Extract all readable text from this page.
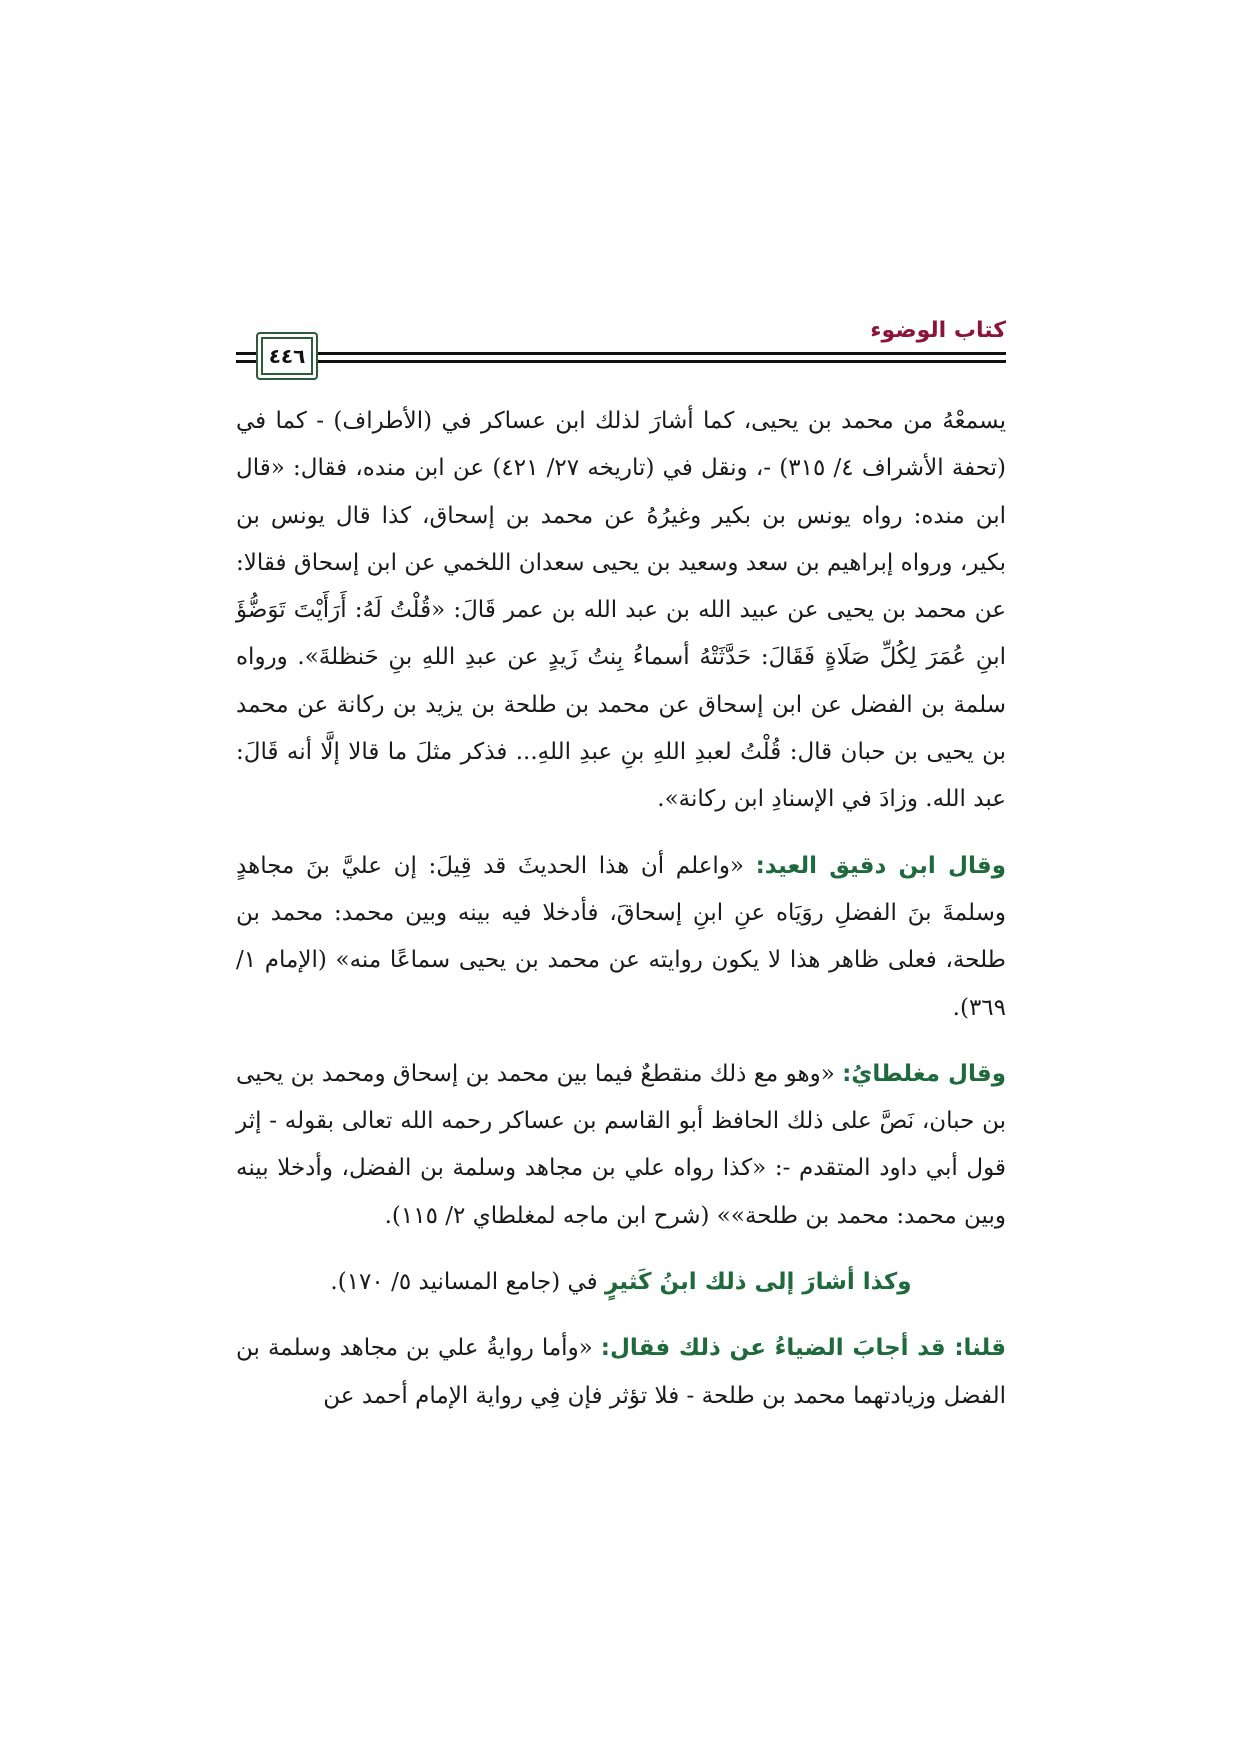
كتاب الوضوء
٤٤٦

يسمعْهُ من محمد بن يحيى، كما أشارَ لذلك ابن عساكر في (الأطراف) - كما في (تحفة الأشراف ٤/ ٣١٥) -، ونقل في (تاريخه ٢٧/ ٤٢١) عن ابن منده، فقال: «قال ابن منده: رواه يونس بن بكير وغيرُهُ عن محمد بن إسحاق، كذا قال يونس بن بكير، ورواه إبراهيم بن سعد وسعيد بن يحيى سعدان اللخمي عن ابن إسحاق فقالا: عن محمد بن يحيى عن عبيد الله بن عبد الله بن عمر قَالَ: «قُلْتُ لَهُ: أَرَأَيْتَ تَوَضُّؤَ ابنِ عُمَرَ لِكُلِّ صَلَاةٍ فَقَالَ: حَدَّثَتْهُ أسماءُ بِنتُ زَيدٍ عن عبدِ اللهِ بنِ حَنظلةَ». ورواه سلمة بن الفضل عن ابن إسحاق عن محمد بن طلحة بن يزيد بن ركانة عن محمد بن يحيى بن حبان قال: قُلْتُ لعبدِ اللهِ بنِ عبدِ اللهِ... فذكر مثلَ ما قالا إلَّا أنه قَالَ: عبد الله. وزادَ في الإسنادِ ابن ركانة».

وقال ابن دقيق العيد: «واعلم أن هذا الحديثَ قد قِيلَ: إن عليَّ بنَ مجاهدٍ وسلمةَ بنَ الفضلِ روَيَاه عنِ ابنِ إسحاقَ، فأدخلا فيه بينه وبين محمد: محمد بن طلحة، فعلى ظاهر هذا لا يكون روايته عن محمد بن يحيى سماعًا منه» (الإمام ١/ ٣٦٩).

وقال مغلطايُ: «وهو مع ذلك منقطعٌ فيما بين محمد بن إسحاق ومحمد بن يحيى بن حبان، نَصَّ على ذلك الحافظ أبو القاسم بن عساكر رحمه الله تعالى بقوله - إثر قول أبي داود المتقدم -: «كذا رواه علي بن مجاهد وسلمة بن الفضل، وأدخلا بينه وبين محمد: محمد بن طلحة»» (شرح ابن ماجه لمغلطاي ٢/ ١١٥).

وكذا أشارَ إلى ذلك ابنُ كَثيرٍ في (جامع المسانيد ٥/ ١٧٠).

قلنا: قد أجابَ الضياءُ عن ذلك فقال: «وأما روايةُ علي بن مجاهد وسلمة بن الفضل وزيادتهما محمد بن طلحة - فلا تؤثر فإن فِي رواية الإمام أحمد عن
